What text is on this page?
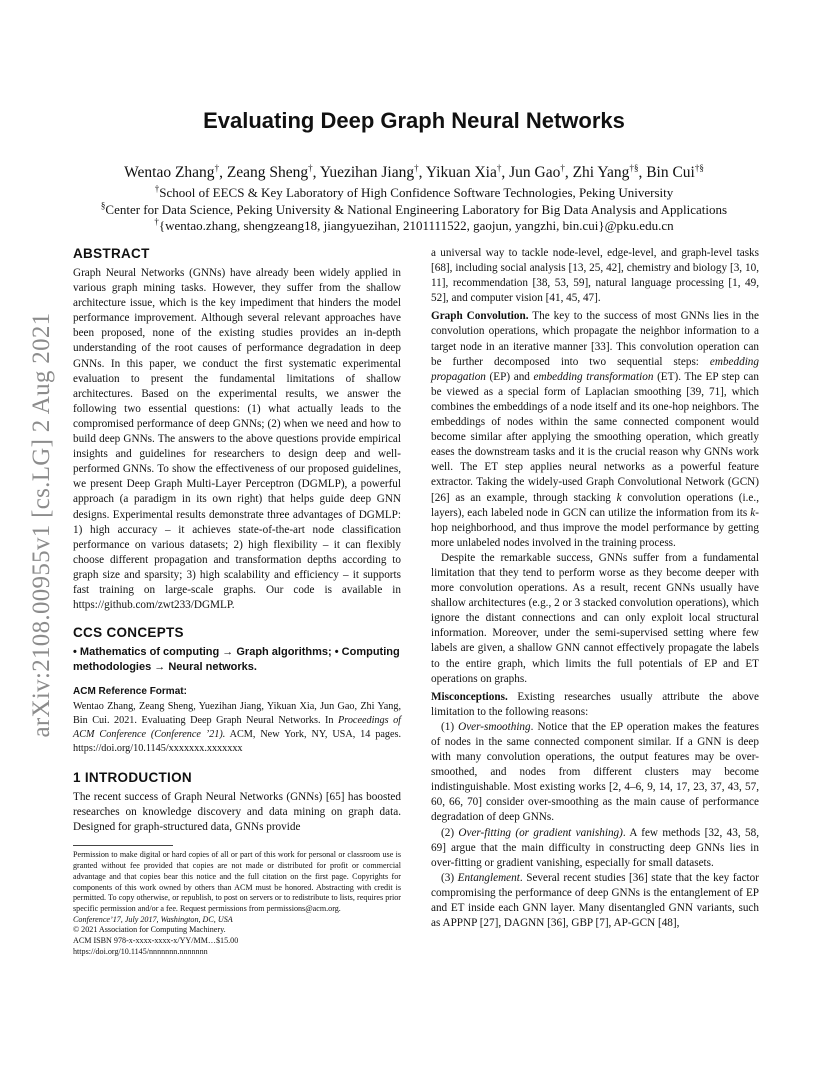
arXiv:2108.00955v1 [cs.LG] 2 Aug 2021
Evaluating Deep Graph Neural Networks
Wentao Zhang†, Zeang Sheng†, Yuezihan Jiang†, Yikuan Xia†, Jun Gao†, Zhi Yang†§, Bin Cui†§
†School of EECS & Key Laboratory of High Confidence Software Technologies, Peking University
§Center for Data Science, Peking University & National Engineering Laboratory for Big Data Analysis and Applications
†{wentao.zhang, shengzeang18, jiangyuezihan, 2101111522, gaojun, yangzhi, bin.cui}@pku.edu.cn
ABSTRACT

Graph Neural Networks (GNNs) have already been widely applied in various graph mining tasks. However, they suffer from the shallow architecture issue, which is the key impediment that hinders the model performance improvement. Although several relevant approaches have been proposed, none of the existing studies provides an in-depth understanding of the root causes of performance degradation in deep GNNs. In this paper, we conduct the first systematic experimental evaluation to present the fundamental limitations of shallow architectures. Based on the experimental results, we answer the following two essential questions: (1) what actually leads to the compromised performance of deep GNNs; (2) when we need and how to build deep GNNs. The answers to the above questions provide empirical insights and guidelines for researchers to design deep and well-performed GNNs. To show the effectiveness of our proposed guidelines, we present Deep Graph Multi-Layer Perceptron (DGMLP), a powerful approach (a paradigm in its own right) that helps guide deep GNN designs. Experimental results demonstrate three advantages of DGMLP: 1) high accuracy – it achieves state-of-the-art node classification performance on various datasets; 2) high flexibility – it can flexibly choose different propagation and transformation depths according to graph size and sparsity; 3) high scalability and efficiency – it supports fast training on large-scale graphs. Our code is available in https://github.com/zwt233/DGMLP.

CCS CONCEPTS

• Mathematics of computing → Graph algorithms; • Computing methodologies → Neural networks.

ACM Reference Format:

Wentao Zhang, Zeang Sheng, Yuezihan Jiang, Yikuan Xia, Jun Gao, Zhi Yang, Bin Cui. 2021. Evaluating Deep Graph Neural Networks. In Proceedings of ACM Conference (Conference ’21). ACM, New York, NY, USA, 14 pages. https://doi.org/10.1145/xxxxxxx.xxxxxxx

1 INTRODUCTION

The recent success of Graph Neural Networks (GNNs) [65] has boosted researches on knowledge discovery and data mining on graph data. Designed for graph-structured data, GNNs provide

Permission to make digital or hard copies of all or part of this work for personal or classroom use is granted without fee provided that copies are not made or distributed for profit or commercial advantage and that copies bear this notice and the full citation on the first page. Copyrights for components of this work owned by others than ACM must be honored. Abstracting with credit is permitted. To copy otherwise, or republish, to post on servers or to redistribute to lists, requires prior specific permission and/or a fee. Request permissions from permissions@acm.org.

Conference’17, July 2017, Washington, DC, USA

© 2021 Association for Computing Machinery.

ACM ISBN 978-x-xxxx-xxxx-x/YY/MM…$15.00

https://doi.org/10.1145/nnnnnnn.nnnnnnn

a universal way to tackle node-level, edge-level, and graph-level tasks [68], including social analysis [13, 25, 42], chemistry and biology [3, 10, 11], recommendation [38, 53, 59], natural language processing [1, 49, 52], and computer vision [41, 45, 47].

Graph Convolution. The key to the success of most GNNs lies in the convolution operations, which propagate the neighbor information to a target node in an iterative manner [33]. This convolution operation can be further decomposed into two sequential steps: embedding propagation (EP) and embedding transformation (ET). The EP step can be viewed as a special form of Laplacian smoothing [39, 71], which combines the embeddings of a node itself and its one-hop neighbors. The embeddings of nodes within the same connected component would become similar after applying the smoothing operation, which greatly eases the downstream tasks and it is the crucial reason why GNNs work well. The ET step applies neural networks as a powerful feature extractor. Taking the widely-used Graph Convolutional Network (GCN) [26] as an example, through stacking k convolution operations (i.e., layers), each labeled node in GCN can utilize the information from its k-hop neighborhood, and thus improve the model performance by getting more unlabeled nodes involved in the training process.

Despite the remarkable success, GNNs suffer from a fundamental limitation that they tend to perform worse as they become deeper with more convolution operations. As a result, recent GNNs usually have shallow architectures (e.g., 2 or 3 stacked convolution operations), which ignore the distant connections and can only exploit local structural information. Moreover, under the semi-supervised setting where few labels are given, a shallow GNN cannot effectively propagate the labels to the entire graph, which limits the full potentials of EP and ET operations on graphs.

Misconceptions. Existing researches usually attribute the above limitation to the following reasons:

(1) Over-smoothing. Notice that the EP operation makes the features of nodes in the same connected component similar. If a GNN is deep with many convolution operations, the output features may be over-smoothed, and nodes from different clusters may become indistinguishable. Most existing works [2, 4–6, 9, 14, 17, 23, 37, 43, 57, 60, 66, 70] consider over-smoothing as the main cause of performance degradation of deep GNNs.

(2) Over-fitting (or gradient vanishing). A few methods [32, 43, 58, 69] argue that the main difficulty in constructing deep GNNs lies in over-fitting or gradient vanishing, especially for small datasets.

(3) Entanglement. Several recent studies [36] state that the key factor compromising the performance of deep GNNs is the entanglement of EP and ET inside each GNN layer. Many disentangled GNN variants, such as APPNP [27], DAGNN [36], GBP [7], AP-GCN [48],
